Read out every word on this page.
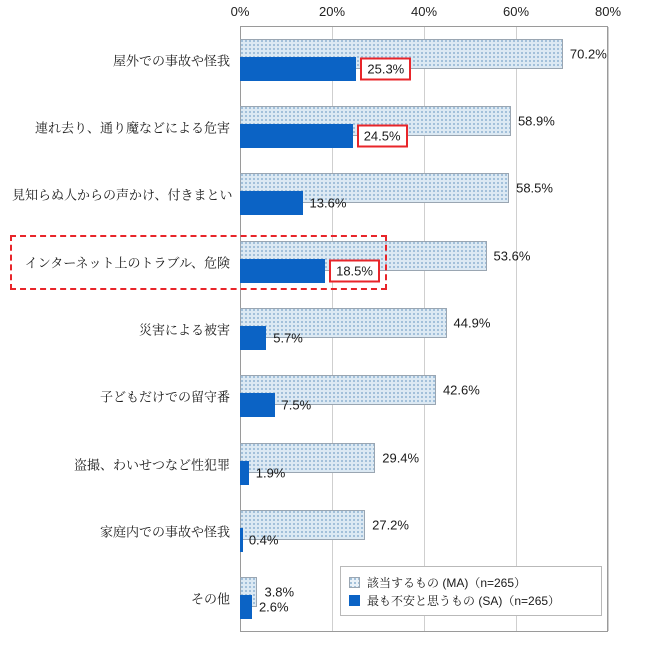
0%	20%	40%	60%	80%
屋外での事故や怪我	70.2%
25.3%
連れ去り、通り魔などによる危害	58.9%
24.5%
見知らぬ人からの声かけ、付きまとい	58.5%
13.6%
インターネット上のトラブル、危険	53.6%
18.5%
災害による被害	44.9%
5.7%
子どもだけでの留守番	42.6%
7.5%
盗撮、わいせつなど性犯罪	29.4%
1.9%
家庭内での事故や怪我	27.2%
0.4%
その他	3.8%
2.6%
該当するもの (MA)（n=265）
最も不安と思うもの (SA)（n=265）
